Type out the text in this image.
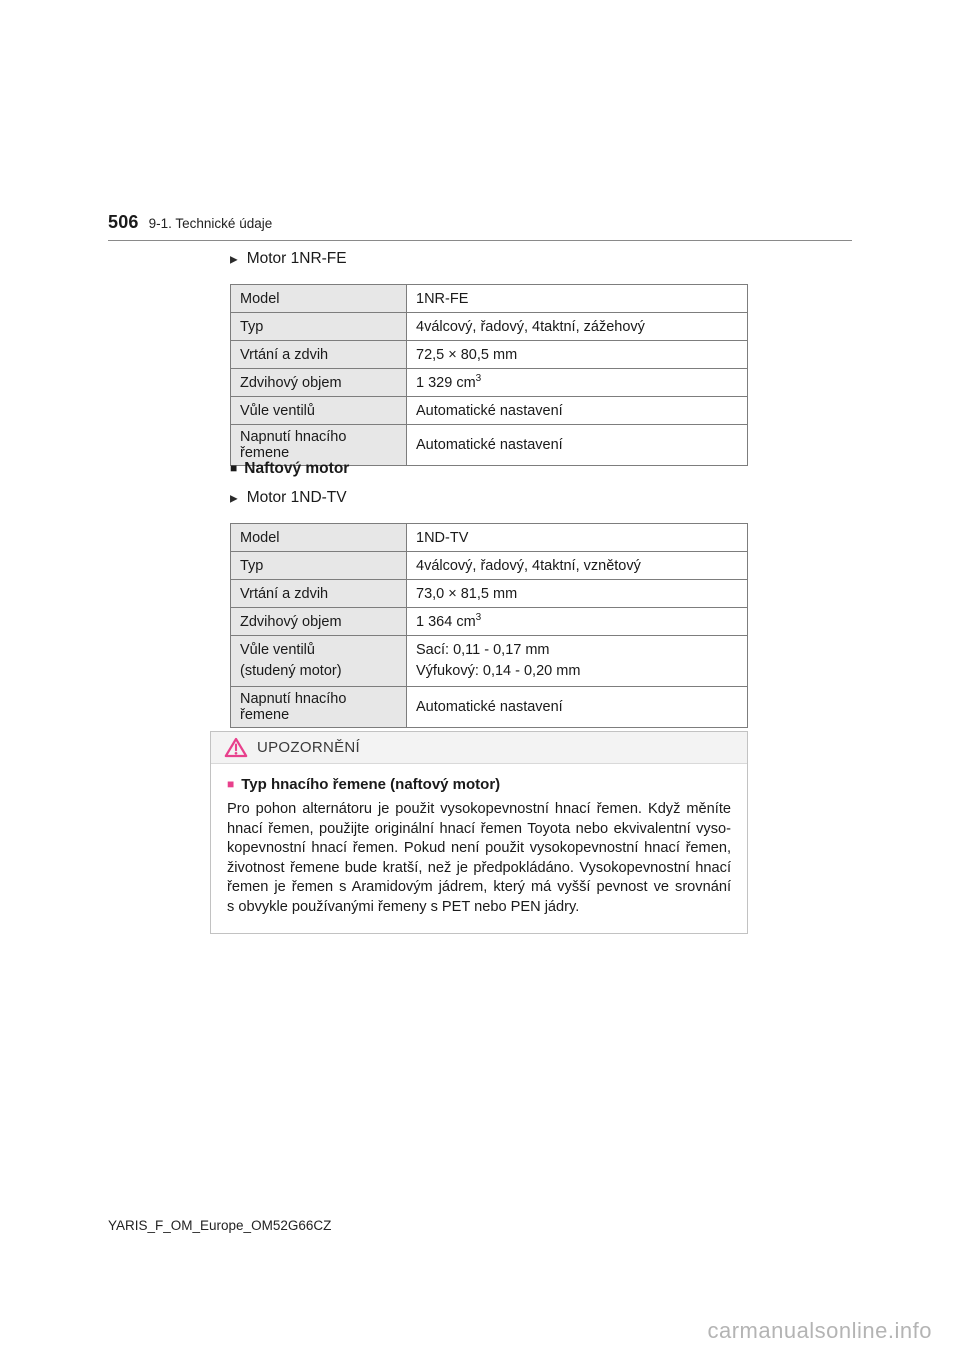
506 9-1. Technické údaje
▶ Motor 1NR-FE
Model	1NR-FE
Typ	4válcový, řadový, 4taktní, zážehový
Vrtání a zdvih	72,5 × 80,5 mm
Zdvihový objem	1 329 $cm^3$
Vůle ventilů	Automatické nastavení
Napnutí hnacího řemene	Automatické nastavení
■ Naftový motor
▶ Motor 1ND-TV
Model	1ND-TV
Typ	4válcový, řadový, 4taktní, vznětový
Vrtání a zdvih	73,0 × 81,5 mm
Zdvihový objem	1 364 $cm^3$

Vůle ventilů
(studený motor)	Sací: 0,11 - 0,17 mm
Výfukový: 0,14 - 0,20 mm

Napnutí hnacího řemene	Automatické nastavení
UPOZORNĚNÍ
■ Typ hnacího řemene (naftový motor)
Pro pohon alternátoru je použit vysokopevnostní hnací řemen. Když měníte
hnací řemen, použijte originální hnací řemen Toyota nebo ekvivalentní vyso-
kopevnostní hnací řemen. Pokud není použit vysokopevnostní hnací řemen,
životnost řemene bude kratší, než je předpokládáno. Vysokopevnostní hnací
řemen je řemen s Aramidovým jádrem, který má vyšší pevnost ve srovnání
s obvykle používanými řemeny s PET nebo PEN jádry.
YARIS_F_OM_Europe_OM52G66CZ
carmanualsonline.info
